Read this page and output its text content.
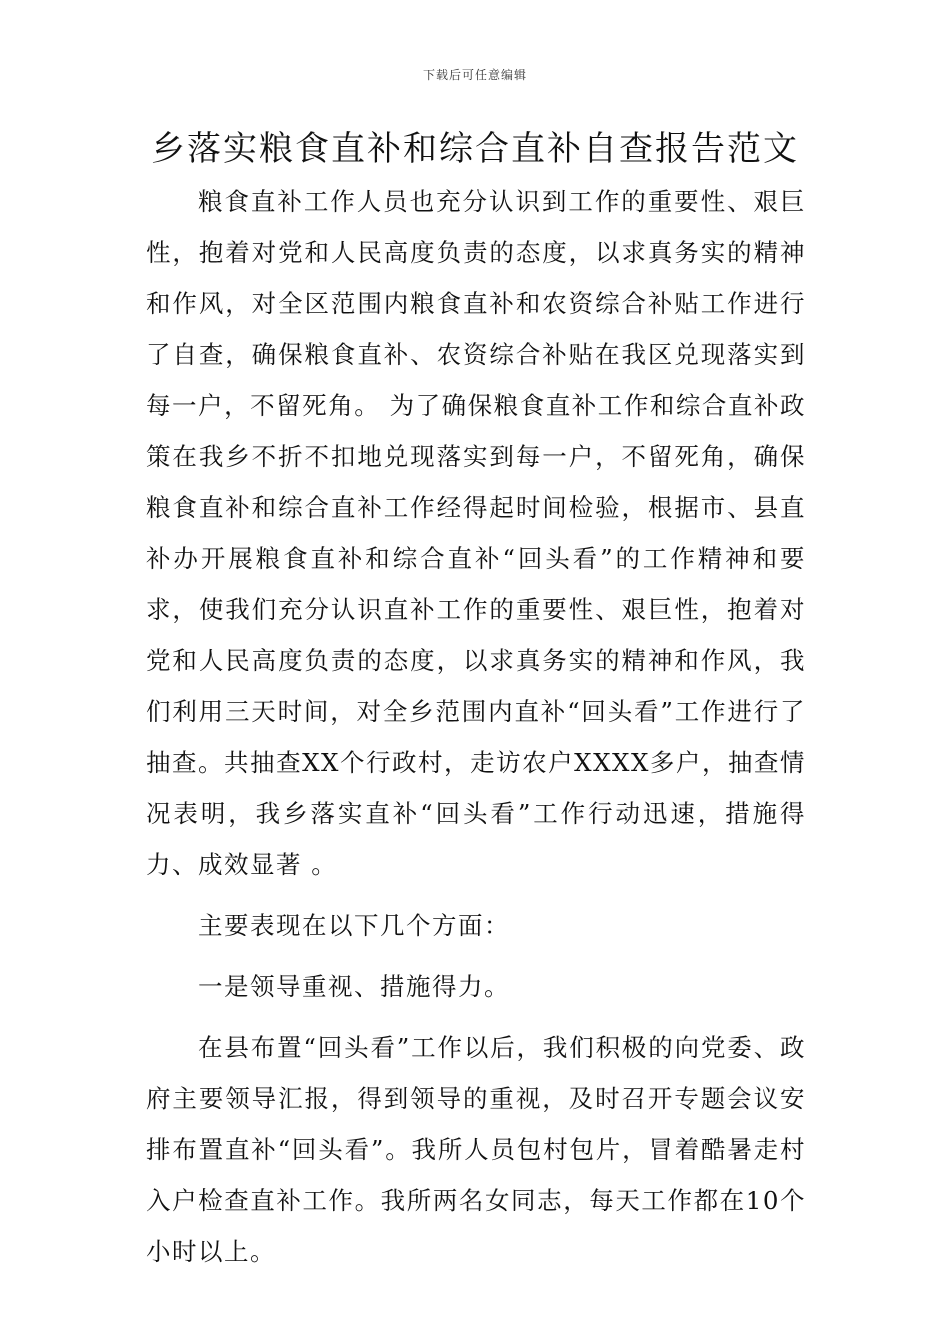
下载后可任意编辑
乡落实粮食直补和综合直补自查报告范文

粮食直补工作人员也充分认识到工作的重要性、艰巨性，抱着对党和人民高度负责的态度，以求真务实的精神和作风，对全区范围内粮食直补和农资综合补贴工作进行了自查，确保粮食直补、农资综合补贴在我区兑现落实到每一户，不留死角。 为了确保粮食直补工作和综合直补政策在我乡不折不扣地兑现落实到每一户，不留死角，确保粮食直补和综合直补工作经得起时间检验，根据市、县直补办开展粮食直补和综合直补“回头看”的工作精神和要求，使我们充分认识直补工作的重要性、艰巨性，抱着对党和人民高度负责的态度，以求真务实的精神和作风，我们利用三天时间，对全乡范围内直补“回头看”工作进行了抽查。共抽查XX个行政村，走访农户XXXX多户，抽查情况表明，我乡落实直补“回头看”工作行动迅速，措施得力、成效显著 。

主要表现在以下几个方面：

一是领导重视、措施得力。

在县布置“回头看”工作以后，我们积极的向党委、政府主要领导汇报，得到领导的重视，及时召开专题会议安排布置直补“回头看”。我所人员包村包片，冒着酷暑走村入户检查直补工作。我所两名女同志，每天工作都在10个小时以上。
